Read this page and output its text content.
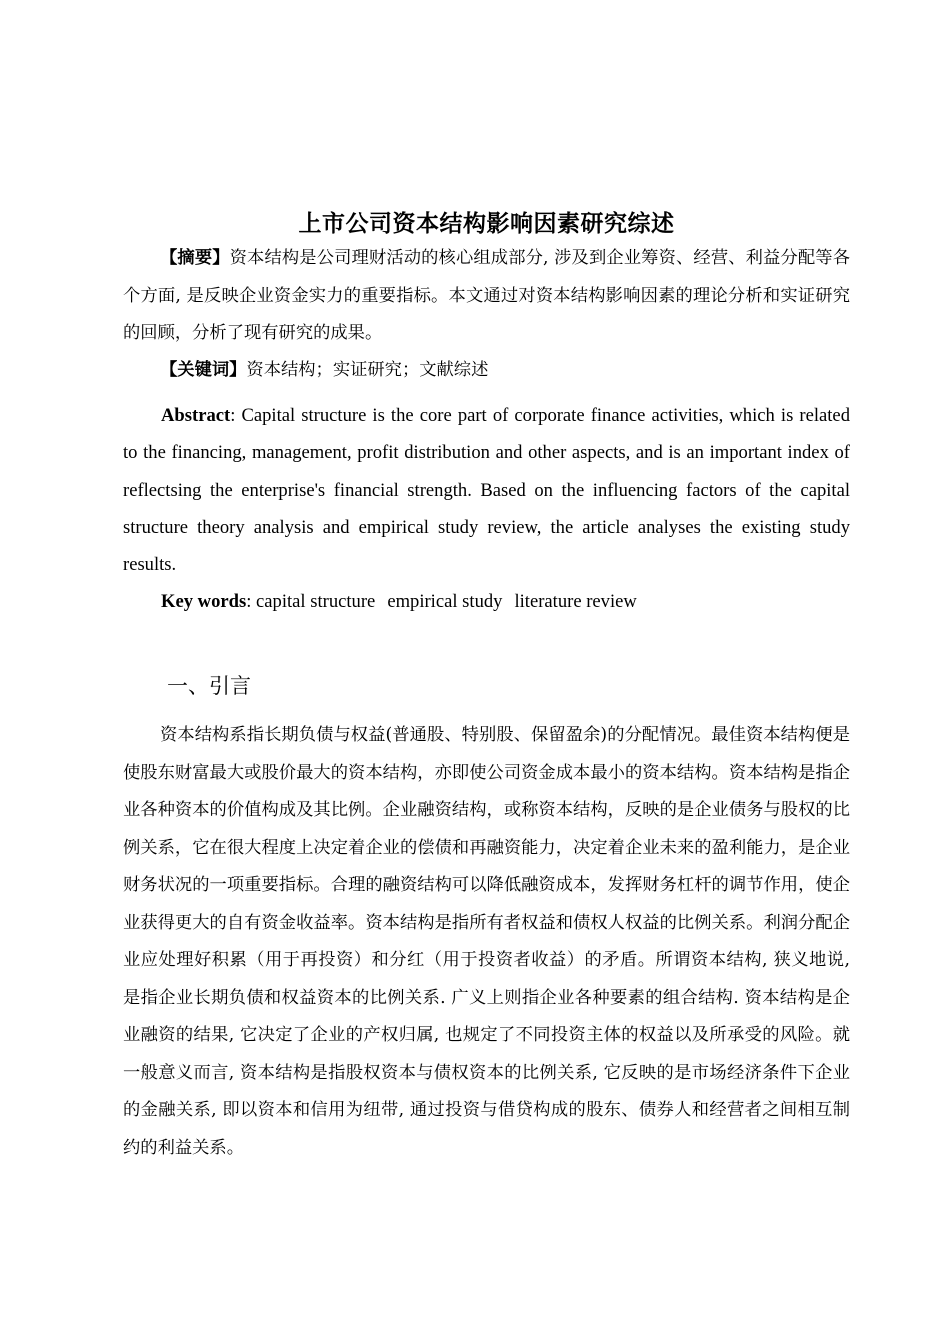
上市公司资本结构影响因素研究综述

【摘要】资本结构是公司理财活动的核心组成部分, 涉及到企业筹资、经营、利益分配等各个方面, 是反映企业资金实力的重要指标。本文通过对资本结构影响因素的理论分析和实证研究的回顾，分析了现有研究的成果。

【关键词】资本结构；实证研究；文献综述

Abstract: Capital structure is the core part of corporate finance activities, which is related to the financing, management, profit distribution and other aspects, and is an important index of reflectsing the enterprise's financial strength. Based on the influencing factors of the capital structure theory analysis and empirical study review, the article analyses the existing study results.

Key words: capital structure empirical study literature review

一、引言

资本结构系指长期负债与权益(普通股、特别股、保留盈余)的分配情况。最佳资本结构便是使股东财富最大或股价最大的资本结构，亦即使公司资金成本最小的资本结构。资本结构是指企业各种资本的价值构成及其比例。企业融资结构，或称资本结构，反映的是企业债务与股权的比例关系，它在很大程度上决定着企业的偿债和再融资能力，决定着企业未来的盈利能力，是企业财务状况的一项重要指标。合理的融资结构可以降低融资成本，发挥财务杠杆的调节作用，使企业获得更大的自有资金收益率。资本结构是指所有者权益和债权人权益的比例关系。利润分配企业应处理好积累（用于再投资）和分红（用于投资者收益）的矛盾。所谓资本结构, 狭义地说, 是指企业长期负债和权益资本的比例关系. 广义上则指企业各种要素的组合结构. 资本结构是企业融资的结果, 它决定了企业的产权归属, 也规定了不同投资主体的权益以及所承受的风险。就一般意义而言, 资本结构是指股权资本与债权资本的比例关系, 它反映的是市场经济条件下企业的金融关系, 即以资本和信用为纽带, 通过投资与借贷构成的股东、债券人和经营者之间相互制约的利益关系。
